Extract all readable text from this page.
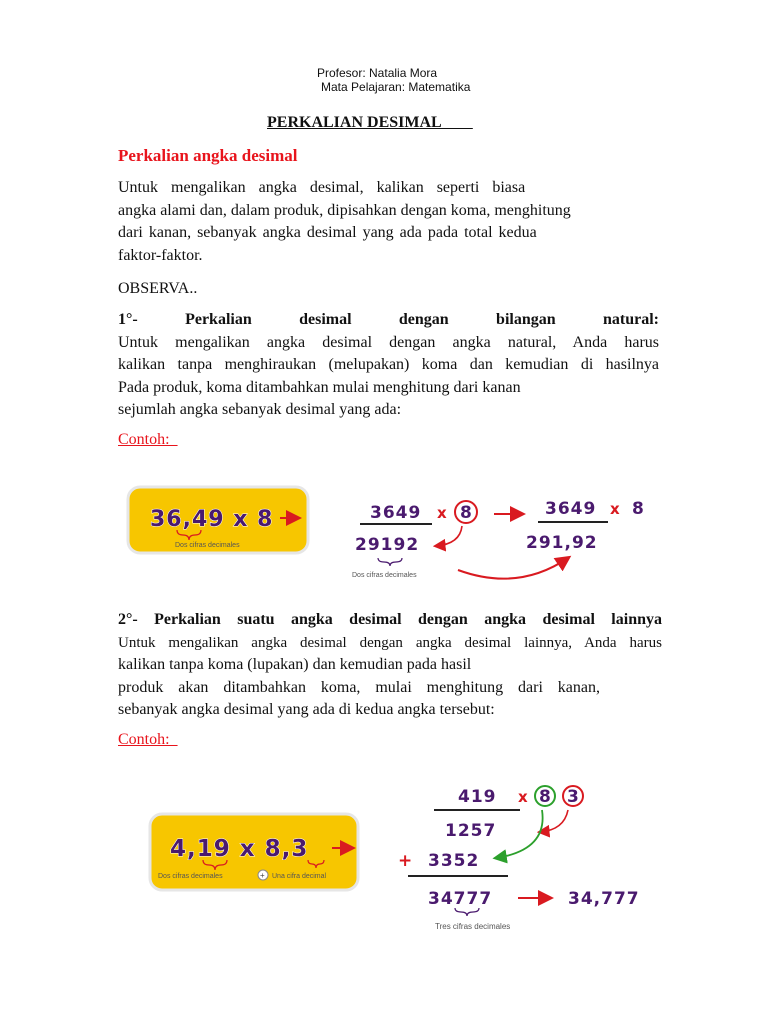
Profesor: Natalia Mora
Mata Pelajaran: Matematika
PERKALIAN DESIMAL
Perkalian angka desimal
Untuk mengalikan angka desimal, kalikan seperti biasa
angka alami dan, dalam produk, dipisahkan dengan koma, menghitung
dari kanan, sebanyak angka desimal yang ada pada total kedua
faktor-faktor.
OBSERVA..
1°- Perkalian desimal dengan bilangan natural:
Untuk mengalikan angka desimal dengan angka natural, Anda harus
kalikan tanpa menghiraukan (melupakan) koma dan kemudian di hasilnya
Pada produk, koma ditambahkan mulai menghitung dari kanan
sejumlah angka sebanyak desimal yang ada:
Contoh:
36,49 x 8
Dos cifras decimales
3649 x 8
29192
Dos cifras decimales
3649 x 8
291,92
2°- Perkalian suatu angka desimal dengan angka desimal lainnya
Untuk mengalikan angka desimal dengan angka desimal lainnya, Anda harus
kalikan tanpa koma (lupakan) dan kemudian pada hasil
produk akan ditambahkan koma, mulai menghitung dari kanan,
sebanyak angka desimal yang ada di kedua angka tersebut:
Contoh:
4,19 x 8,3
Dos cifras decimales	+ Una cifra decimal
419 x 8 3
1257
+ 3352
34777
Tres cifras decimales
34,777
